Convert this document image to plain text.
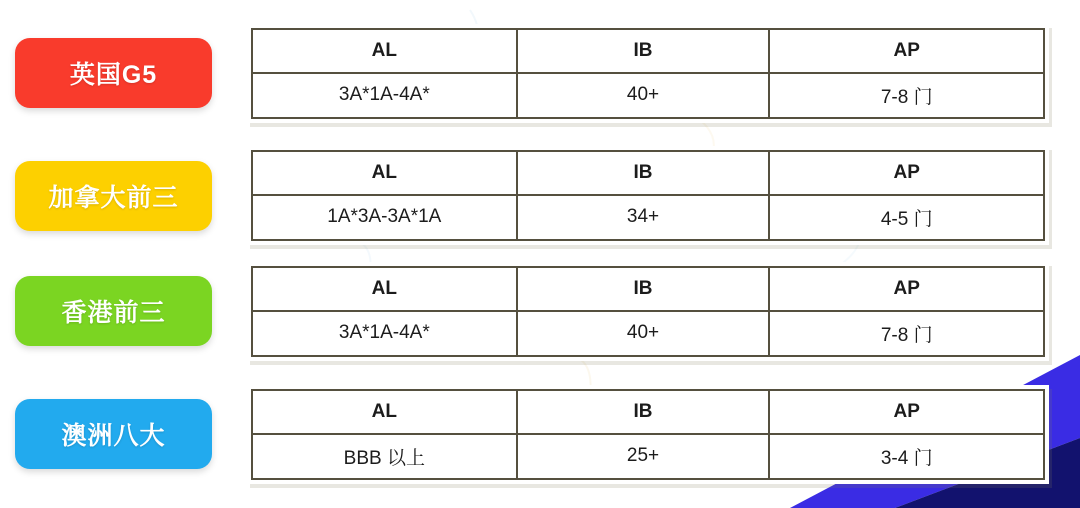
英国G5
AL	IB	AP
3A*1A-4A*	40+	7-8 门
加拿大前三
AL	IB	AP
1A*3A-3A*1A	34+	4-5 门
香港前三
AL	IB	AP
3A*1A-4A*	40+	7-8 门
澳洲八大
AL	IB	AP
BBB 以上	25+	3-4 门
